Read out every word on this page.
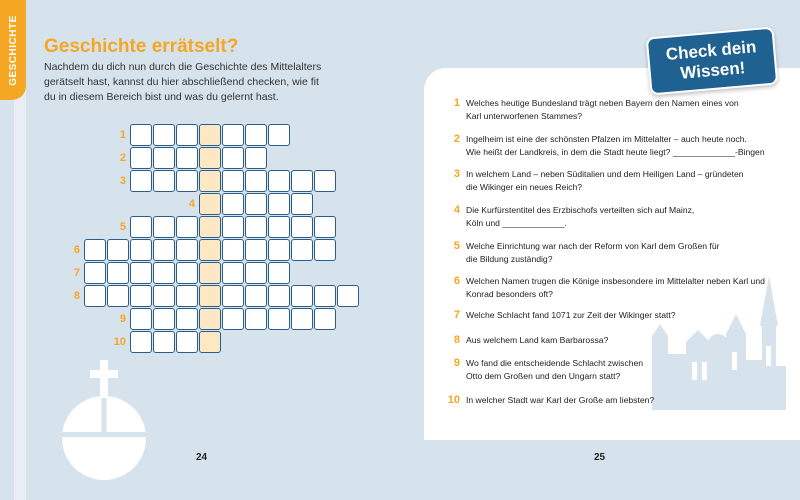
GESCHICHTE Geschichte errätselt?
Nachdem du dich nun durch die Geschichte des Mittelalters gerätselt hast, kannst du hier abschließend checken, wie fit du in diesem Bereich bist und was du gelernt hast.
1
2
3
4
5
6
7
8
9
10
24
Check dein
Wissen!
1 Welches heutige Bundesland trägt neben Bayern den Namen eines von
Karl unterworfenen Stammes?
2 Ingelheim ist eine der schönsten Pfalzen im Mittelalter – auch heute noch.
Wie heißt der Landkreis, in dem die Stadt heute liegt? _____________-Bingen
3 In welchem Land – neben Süditalien und dem Heiligen Land – gründeten
die Wikinger ein neues Reich?
4 Die Kurfürstentitel des Erzbischofs verteilten sich auf Mainz,
Köln und _____________.
5 Welche Einrichtung war nach der Reform von Karl dem Großen für
die Bildung zuständig?
6 Welchen Namen trugen die Könige insbesondere im Mittelalter neben Karl und
Konrad besonders oft?
7 Welche Schlacht fand 1071 zur Zeit der Wikinger statt?
8 Aus welchem Land kam Barbarossa?
9 Wo fand die entscheidende Schlacht zwischen
Otto dem Großen und den Ungarn statt?
10 In welcher Stadt war Karl der Große am liebsten?
25
